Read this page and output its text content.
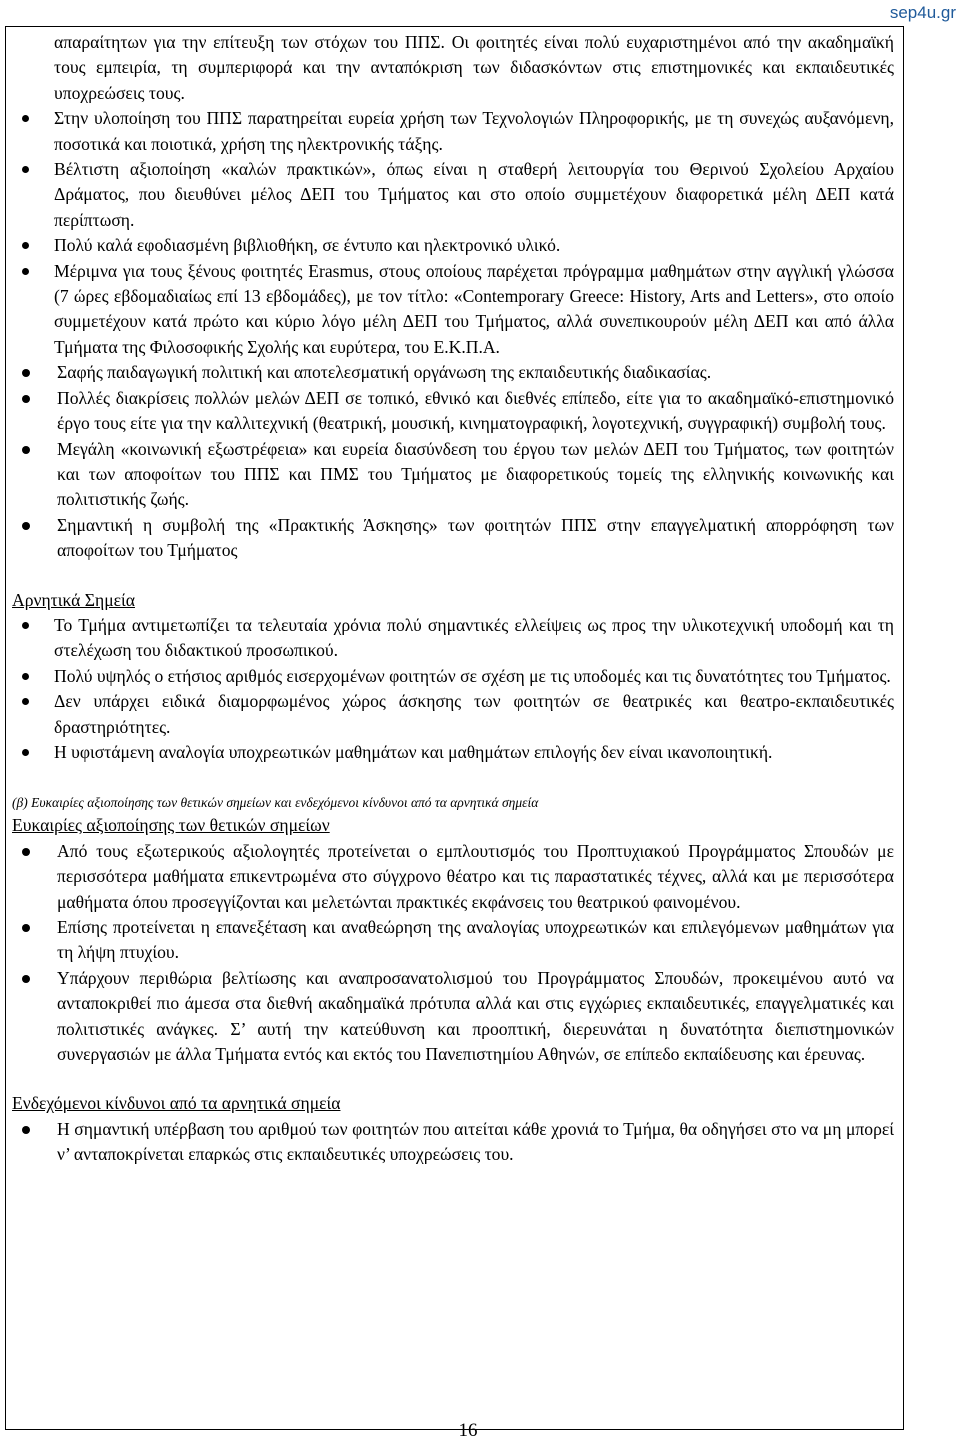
sep4u.gr

απαραίτητων για την επίτευξη των στόχων του ΠΠΣ. Οι φοιτητές είναι πολύ ευχαριστημένοι από την ακαδημαϊκή τους εμπειρία, τη συμπεριφορά και την ανταπόκριση των διδασκόντων στις επιστημονικές και εκπαιδευτικές υποχρεώσεις τους.

Στην υλοποίηση του ΠΠΣ παρατηρείται ευρεία χρήση των Τεχνολογιών Πληροφορικής, με τη συνεχώς αυξανόμενη, ποσοτικά και ποιοτικά, χρήση της ηλεκτρονικής τάξης.
Βέλτιστη αξιοποίηση «καλών πρακτικών», όπως είναι η σταθερή λειτουργία του Θερινού Σχολείου Αρχαίου Δράματος, που διευθύνει μέλος ΔΕΠ του Τμήματος και στο οποίο συμμετέχουν διαφορετικά μέλη ΔΕΠ κατά περίπτωση.
Πολύ καλά εφοδιασμένη βιβλιοθήκη, σε έντυπο και ηλεκτρονικό υλικό.
Μέριμνα για τους ξένους φοιτητές Erasmus, στους οποίους παρέχεται πρόγραμμα μαθημάτων στην αγγλική γλώσσα (7 ώρες εβδομαδιαίως επί 13 εβδομάδες), με τον τίτλο: «Contemporary Greece: History, Arts and Letters», στο οποίο συμμετέχουν κατά πρώτο και κύριο λόγο μέλη ΔΕΠ του Τμήματος, αλλά συνεπικουρούν μέλη ΔΕΠ και από άλλα Τμήματα της Φιλοσοφικής Σχολής και ευρύτερα, του Ε.Κ.Π.Α.
Σαφής παιδαγωγική πολιτική και αποτελεσματική οργάνωση της εκπαιδευτικής διαδικασίας.
Πολλές διακρίσεις πολλών μελών ΔΕΠ σε τοπικό, εθνικό και διεθνές επίπεδο, είτε για το ακαδημαϊκό-επιστημονικό έργο τους είτε για την καλλιτεχνική (θεατρική, μουσική, κινηματογραφική, λογοτεχνική, συγγραφική) συμβολή τους.
Μεγάλη «κοινωνική εξωστρέφεια» και ευρεία διασύνδεση του έργου των μελών ΔΕΠ του Τμήματος, των φοιτητών και των αποφοίτων του ΠΠΣ και ΠΜΣ του Τμήματος με διαφορετικούς τομείς της ελληνικής κοινωνικής και πολιτιστικής ζωής.
Σημαντική η συμβολή της «Πρακτικής Άσκησης» των φοιτητών ΠΠΣ στην επαγγελματική απορρόφηση των αποφοίτων του Τμήματος

Αρνητικά Σημεία

Το Τμήμα αντιμετωπίζει τα τελευταία χρόνια πολύ σημαντικές ελλείψεις ως προς την υλικοτεχνική υποδομή και τη στελέχωση του διδακτικού προσωπικού.
Πολύ υψηλός ο ετήσιος αριθμός εισερχομένων φοιτητών σε σχέση με τις υποδομές και τις δυνατότητες του Τμήματος.
Δεν υπάρχει ειδικά διαμορφωμένος χώρος άσκησης των φοιτητών σε θεατρικές και θεατρο-εκπαιδευτικές δραστηριότητες.
Η υφιστάμενη αναλογία υποχρεωτικών μαθημάτων και μαθημάτων επιλογής δεν είναι ικανοποιητική.

(β) Ευκαιρίες αξιοποίησης των θετικών σημείων και ενδεχόμενοι κίνδυνοι από τα αρνητικά σημεία

Ευκαιρίες αξιοποίησης των θετικών σημείων

Από τους εξωτερικούς αξιολογητές προτείνεται ο εμπλουτισμός του Προπτυχιακού Προγράμματος Σπουδών με περισσότερα μαθήματα επικεντρωμένα στο σύγχρονο θέατρο και τις παραστατικές τέχνες, αλλά και με περισσότερα μαθήματα όπου προσεγγίζονται και μελετώνται πρακτικές εκφάνσεις του θεατρικού φαινομένου.
Επίσης προτείνεται η επανεξέταση και αναθεώρηση της αναλογίας υποχρεωτικών και επιλεγόμενων μαθημάτων για τη λήψη πτυχίου.
Υπάρχουν περιθώρια βελτίωσης και αναπροσανατολισμού του Προγράμματος Σπουδών, προκειμένου αυτό να ανταποκριθεί πιο άμεσα στα διεθνή ακαδημαϊκά πρότυπα αλλά και στις εγχώριες εκπαιδευτικές, επαγγελματικές και πολιτιστικές ανάγκες. Σ’ αυτή την κατεύθυνση και προοπτική, διερευνάται η δυνατότητα διεπιστημονικών συνεργασιών με άλλα Τμήματα εντός και εκτός του Πανεπιστημίου Αθηνών, σε επίπεδο εκπαίδευσης και έρευνας.

Ενδεχόμενοι κίνδυνοι από τα αρνητικά σημεία

Η σημαντική υπέρβαση του αριθμού των φοιτητών που αιτείται κάθε χρονιά το Τμήμα, θα οδηγήσει στο να μη μπορεί ν’ ανταποκρίνεται επαρκώς στις εκπαιδευτικές υποχρεώσεις του.
16
